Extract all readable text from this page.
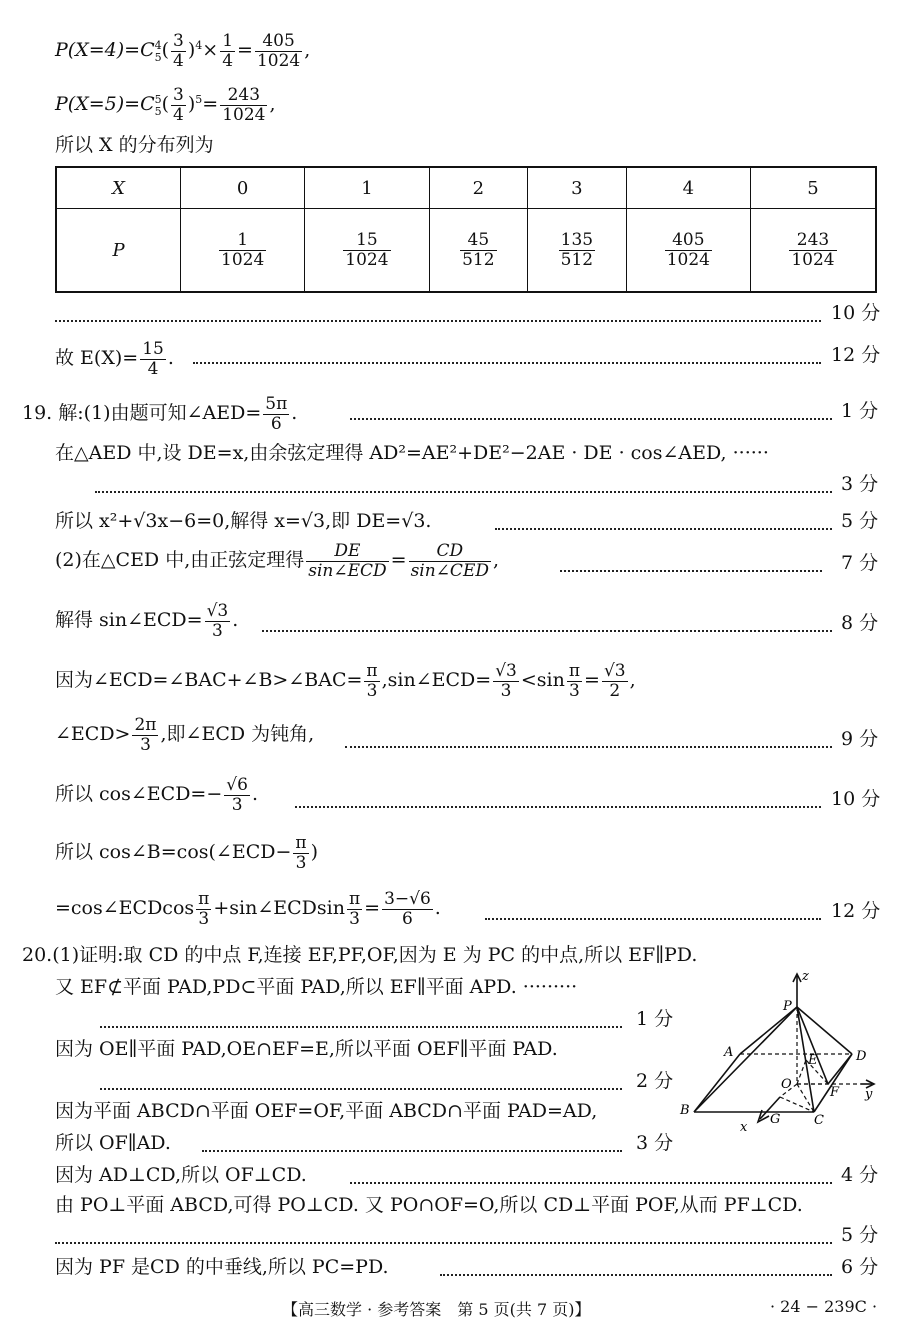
$P(X=4)=C^4_5( \frac{3}{4} )^4\times \frac{1}{4} = \frac{405}{1024}$ ,
$P(X=5)=C^5_5( \frac{3}{4} )^5= \frac{243}{1024}$ ,
所以 X 的分布列为
X	0	1	2	3	4	5
P	$\frac{1}{1024}$	$\frac{15}{1024}$	$\frac{45}{512}$	$\frac{135}{512}$	$\frac{405}{1024}$	$\frac{243}{1024}$
10 分
故 $E(X)= \frac{15}{4}$ .	12 分
19. 解:(1)由题可知∠AED= $\frac{5\pi}{6}$ .	1 分
在△AED 中,设 DE=x,由余弦定理得 AD²=AE²+DE²−2AE · DE · cos∠AED, ······
3 分
所以 x²+√3x−6=0,解得 x=√3,即 DE=√3.	5 分
(2)在△CED 中,由正弦定理得 $\frac{DE}{\text{sin∠ECD}} = \frac{CD}{\text{sin∠CED}}$ ,	7 分
解得 sin∠ECD= $\frac{√3}{3}$ .	8 分
因为∠ECD=∠BAC+∠B>∠BAC= $\frac{\pi}{3}$ ,sin∠ECD= $\frac{√3}{3} <\sin \frac{\pi}{3} = \frac{√3}{2}$ ,
∠ECD> $\frac{2\pi}{3}$ ,即∠ECD 为钝角,	9 分
所以 cos∠ECD=− $\frac{√6}{3}$ .	10 分
所以 cos∠B=cos(∠ECD− $\frac{\pi}{3}$ )
=cos∠ECDcos $\frac{\pi}{3}$ +sin∠ECDsin $\frac{\pi}{3} = \frac{3-√6}{6}$ .	12 分
20.(1)证明:取 CD 的中点 F,连接 EF,PF,OF,因为 E 为 PC 的中点,所以 EF∥PD.
又 EF⊄平面 PAD,PD⊂平面 PAD,所以 EF∥平面 APD. ·········
1 分
因为 OE∥平面 PAD,OE∩EF=E,所以平面 OEF∥平面 PAD.
2 分
因为平面 ABCD∩平面 OEF=OF,平面 ABCD∩平面 PAD=AD,
所以 OF∥AD.	3 分
因为 AD⊥CD,所以 OF⊥CD.	4 分
由 PO⊥平面 ABCD,可得 PO⊥CD. 又 PO∩OF=O,所以 CD⊥平面 POF,从而 PF⊥CD.
5 分
因为 PF 是CD 的中垂线,所以 PC=PD.	6 分
z
P
A	D
E
O
F y
B
C
G
x
【高三数学 · 参考答案　第 5 页(共 7 页)】	· 24 − 239C ·
